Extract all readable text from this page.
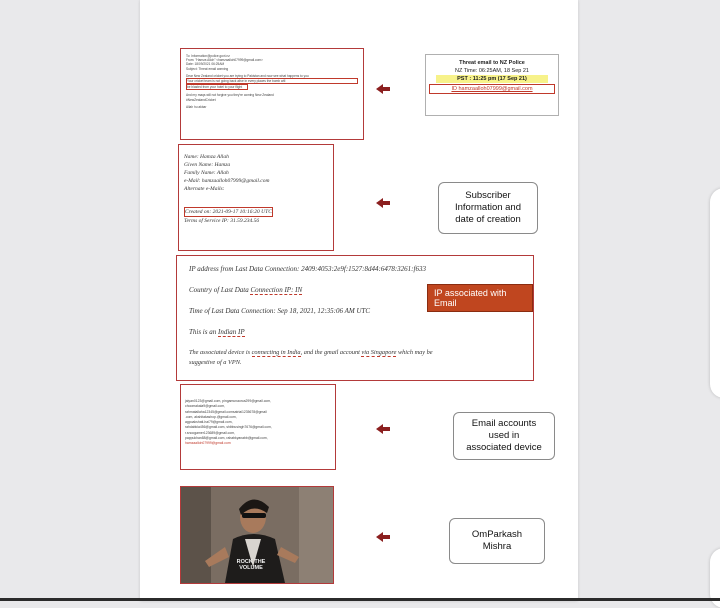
To: Information@police.govt.nz
From: "Hamza Alloh" <hamzaalloh07999@gmail.com>
Date: 18/09/2021 06:25AM
Subject: Threat email warning
Dear New Zealand cricket you are trying to Pakistan and now see what happens to you
Your cricket team is not going back alive in every places the bomb will
be blasted from your hotel to your flight
And my maqs will not forgive you they're coming New Zealand
#NewZealandCricket
Allah hu akbar
Threat email to NZ Police
NZ Time: 06:25AM, 18 Sep 21
PST : 11:25 pm (17 Sep 21)
ID hamzaalloh07999@gmail.com
Name: Hamza Allah
Given Name: Hamza
Family Name: Allah
e-Mail: hamzaalloh07999@gmail.com
Alternate e-Mails:
Created on: 2021-09-17 10:16:20 UTC
Terms of Service IP: 31.59.234.56
Subscriber
Information and
date of creation
IP address from Last Data Connection: 2409:4053:2e9f:1527:8d44:6478:3261:f633
Country of Last Data Connection IP: IN
Time of Last Data Connection: Sep 18, 2021, 12:35:06 AM UTC
This is an Indian IP
The associated device is connecting in India, and the gmail account via Singapore which may be
suggestive of a VPN.
IP associated with Email
jaiyan0123@gmail.com, pingamunaorca299@gmail.com,
choomakala9@gmail.com,
rahmatallaha12345@gmail.comsatriai1235678@gmail
.com, akshitakashop.@gmail.com,
agpoakshati-hai79@gmail.com,
rahdabkla456@gmail.com, shibbusingh7676@gmail.com,
r.snoogamer123689@gmail.com,
pappukhan88@gmail.com, rahabkyanabb@gmail.com,
hamzaalloh07999@gmail.com
Email accounts
used in
associated device
ROCK THE VOLUME
OmParkash
Mishra
